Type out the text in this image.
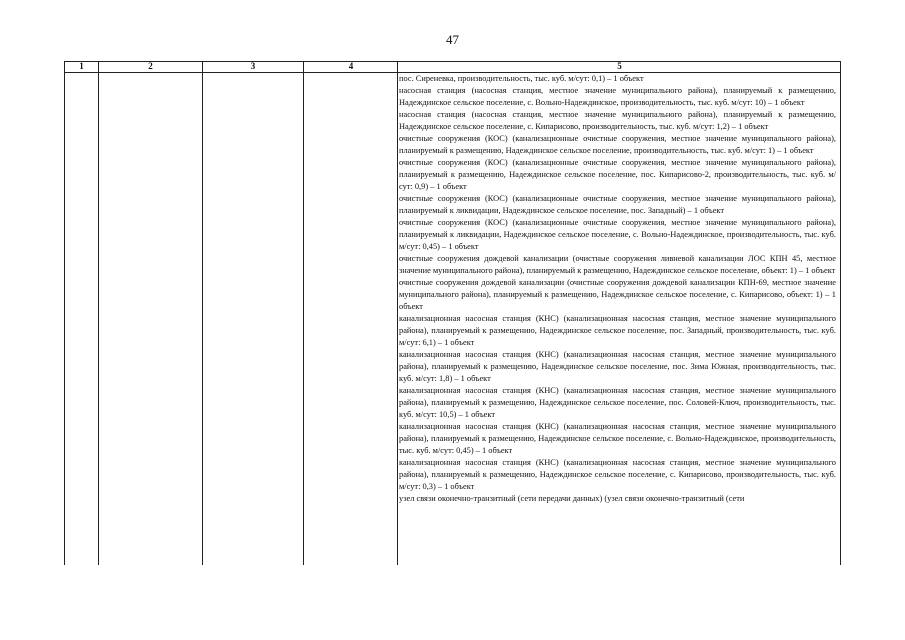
47
1	2	3	4	5

пос. Сиреневка, производительность, тыс. куб. м/сут: 0,1) – 1 объект

насосная станция (насосная станция, местное значение муниципального района), планируемый к размещению, Надеждинское сельское поселение, с. Вольно-Надеждинское, производительность, тыс. куб. м/сут: 10) – 1 объект

насосная станция (насосная станция, местное значение муниципального района), планируемый к размещению, Надеждинское сельское поселение, с. Кипарисово, производительность, тыс. куб. м/сут: 1,2) – 1 объект

очистные сооружения (КОС) (канализационные очистные сооружения, местное значение муниципального района), планируемый к размещению, Надеждинское сельское поселение, производительность, тыс. куб. м/сут: 1) – 1 объект

очистные сооружения (КОС) (канализационные очистные сооружения, местное значение муниципального района), планируемый к размещению, Надеждинское сельское поселение, пос. Кипарисово-2, производительность, тыс. куб. м/сут: 0,9) – 1 объект

очистные сооружения (КОС) (канализационные очистные сооружения, местное значение муниципального района), планируемый к ликвидации, Надеждинское сельское поселение, пос. Западный) – 1 объект

очистные сооружения (КОС) (канализационные очистные сооружения, местное значение муниципального района), планируемый к ликвидации, Надеждинское сельское поселение, с. Вольно-Надеждинское, производительность, тыс. куб. м/сут: 0,45) – 1 объект

очистные сооружения дождевой канализации (очистные сооружения ливневой канализации ЛОС КПН 45, местное значение муниципального района), планируемый к размещению, Надеждинское сельское поселение, объект: 1) – 1 объект

очистные сооружения дождевой канализации (очистные сооружения дождевой канализации КПН-69, местное значение муниципального района), планируемый к размещению, Надеждинское сельское поселение, с. Кипарисово, объект: 1) – 1 объект

канализационная насосная станция (КНС) (канализационная насосная станция, местное значение муниципального района), планируемый к размещению, Надеждинское сельское поселение, пос. Западный, производительность, тыс. куб. м/сут: 6,1) – 1 объект

канализационная насосная станция (КНС) (канализационная насосная станция, местное значение муниципального района), планируемый к размещению, Надеждинское сельское поселение, пос. Зима Южная, производительность, тыс. куб. м/сут: 1,8) – 1 объект

канализационная насосная станция (КНС) (канализационная насосная станция, местное значение муниципального района), планируемый к размещению, Надеждинское сельское поселение, пос. Соловей-Ключ, производительность, тыс. куб. м/сут: 10,5) – 1 объект

канализационная насосная станция (КНС) (канализационная насосная станция, местное значение муниципального района), планируемый к размещению, Надеждинское сельское поселение, с. Вольно-Надеждинское, производительность, тыс. куб. м/сут: 0,45) – 1 объект

канализационная насосная станция (КНС) (канализационная насосная станция, местное значение муниципального района), планируемый к размещению, Надеждинское сельское поселение, с. Кипарисово, производительность, тыс. куб. м/сут: 0,3) – 1 объект

узел связи оконечно-транзитный (сети передачи данных) (узел связи оконечно-транзитный (сети
